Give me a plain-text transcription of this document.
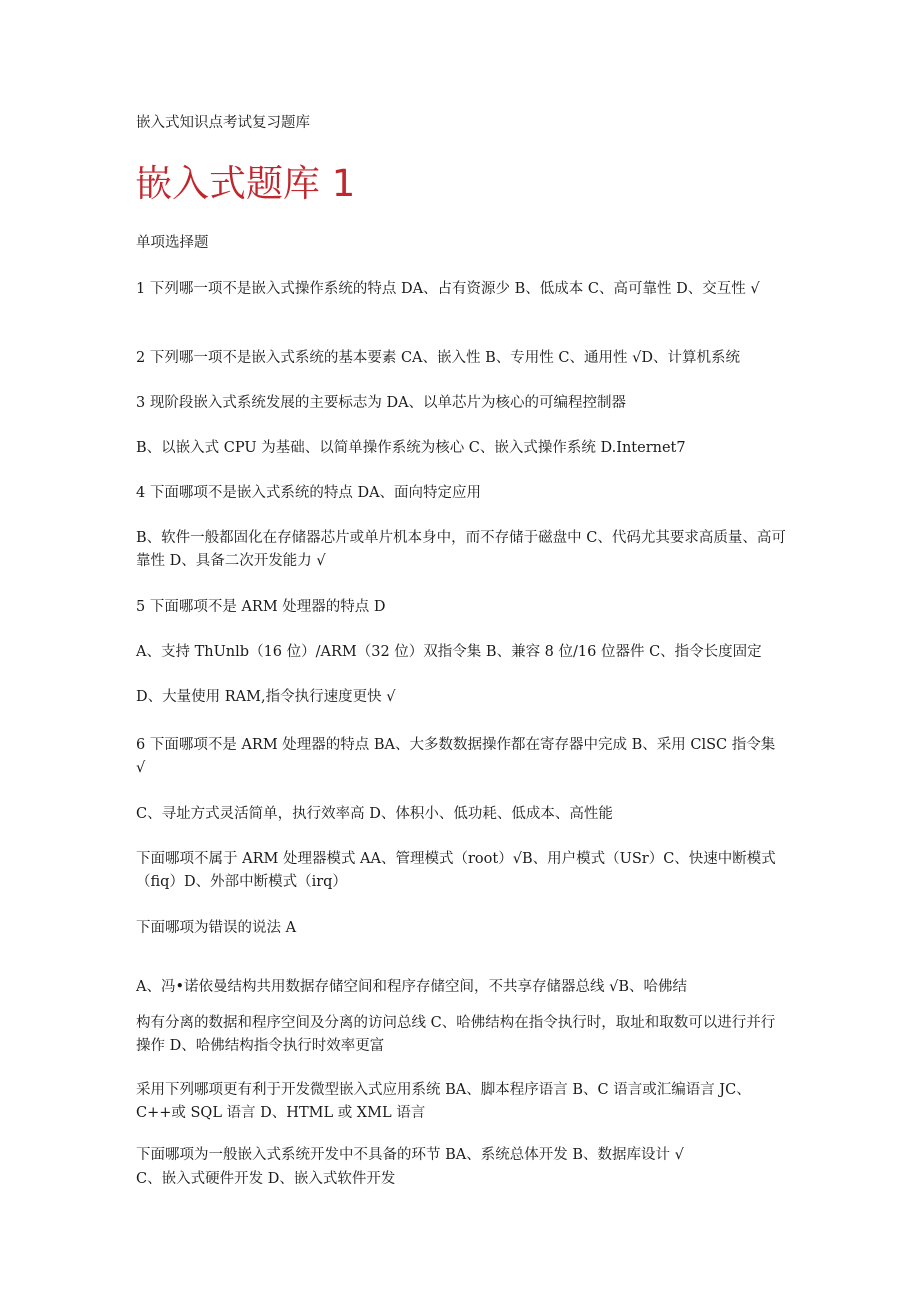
嵌入式知识点考试复习题库
嵌入式题库 1
单项选择题
1 下列哪一项不是嵌入式操作系统的特点 DA、占有资源少 B、低成本 C、高可靠性 D、交互性 √
2 下列哪一项不是嵌入式系统的基本要素 CA、嵌入性 B、专用性 C、通用性 √D、计算机系统
3 现阶段嵌入式系统发展的主要标志为 DA、以单芯片为核心的可编程控制器
B、以嵌入式 CPU 为基础、以简单操作系统为核心 C、嵌入式操作系统 D.Internet7
4 下面哪项不是嵌入式系统的特点 DA、面向特定应用
B、软件一般都固化在存储器芯片或单片机本身中，而不存储于磁盘中 C、代码尤其要求高质量、高可靠性 D、具备二次开发能力 √
5 下面哪项不是 ARM 处理器的特点 D
A、支持 ThUnlb（16 位）/ARM（32 位）双指令集 B、兼容 8 位/16 位器件 C、指令长度固定
D、大量使用 RAM,指令执行速度更快 √
6 下面哪项不是 ARM 处理器的特点 BA、大多数数据操作都在寄存器中完成 B、采用 ClSC 指令集 √
C、寻址方式灵活简单，执行效率高 D、体积小、低功耗、低成本、高性能
下面哪项不属于 ARM 处理器模式 AA、管理模式（root）√B、用户模式（USr）C、快速中断模式（fiq）D、外部中断模式（irq）
下面哪项为错误的说法 A
A、冯•诺依曼结构共用数据存储空间和程序存储空间，不共享存储器总线 √B、哈佛结
构有分离的数据和程序空间及分离的访问总线 C、哈佛结构在指令执行时，取址和取数可以进行并行操作 D、哈佛结构指令执行时效率更富
采用下列哪项更有利于开发微型嵌入式应用系统 BA、脚本程序语言 B、C 语言或汇编语言 JC、C++或 SQL 语言 D、HTML 或 XML 语言
下面哪项为一般嵌入式系统开发中不具备的环节 BA、系统总体开发 B、数据库设计 √
C、嵌入式硬件开发 D、嵌入式软件开发
